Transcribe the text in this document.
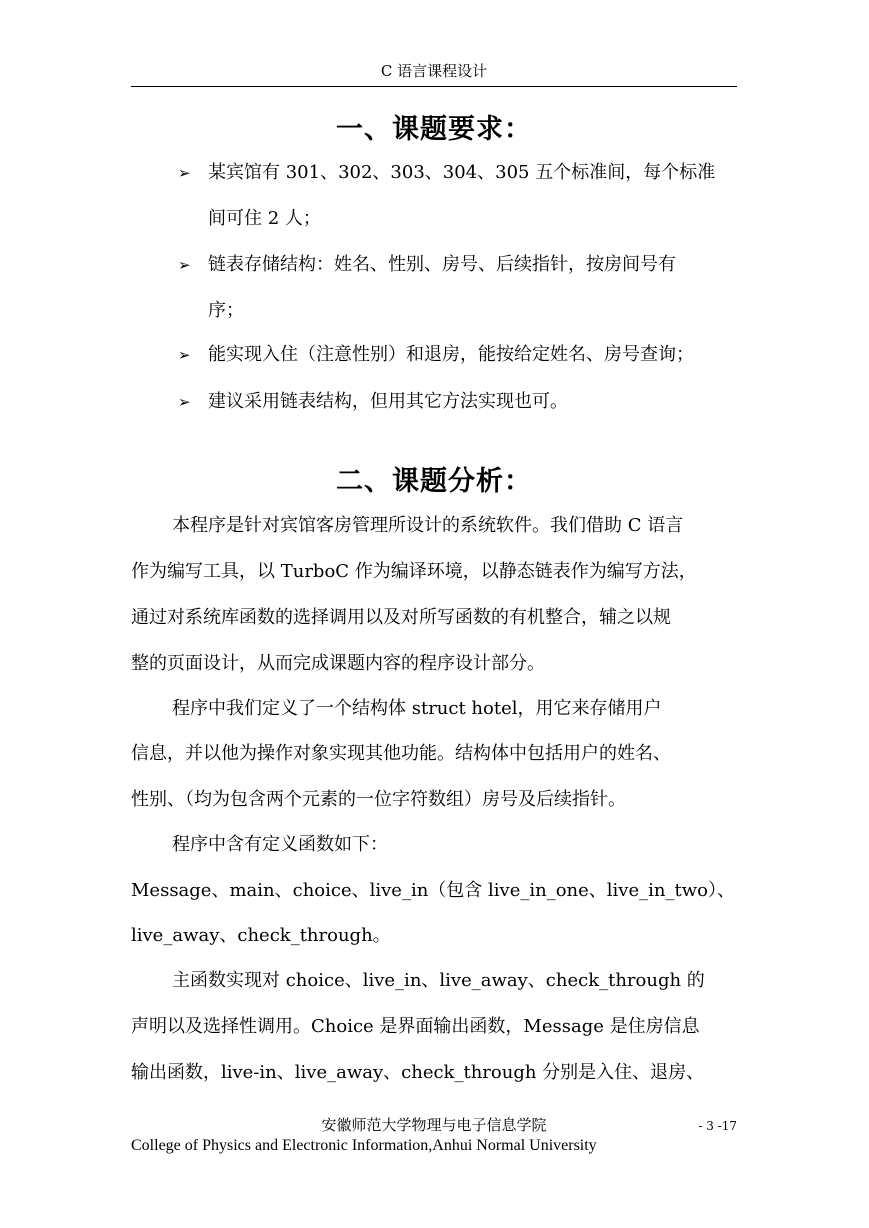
C 语言课程设计
一、课题要求：
➢ 某宾馆有 301、302、303、304、305 五个标准间，每个标准
间可住 2 人；
➢ 链表存储结构：姓名、性别、房号、后续指针，按房间号有
序；
➢ 能实现入住（注意性别）和退房，能按给定姓名、房号查询；
➢ 建议采用链表结构，但用其它方法实现也可。
二、课题分析：
本程序是针对宾馆客房管理所设计的系统软件。我们借助 C 语言
作为编写工具，以 TurboC 作为编译环境，以静态链表作为编写方法，
通过对系统库函数的选择调用以及对所写函数的有机整合，辅之以规
整的页面设计，从而完成课题内容的程序设计部分。
程序中我们定义了一个结构体 struct hotel，用它来存储用户
信息，并以他为操作对象实现其他功能。结构体中包括用户的姓名、
性别、（均为包含两个元素的一位字符数组）房号及后续指针。
程序中含有定义函数如下：
Message、main、choice、live_in（包含 live_in_one、live_in_two）、
live_away、check_through。
主函数实现对 choice、live_in、live_away、check_through 的
声明以及选择性调用。Choice 是界面输出函数，Message 是住房信息
输出函数，live-in、live_away、check_through 分别是入住、退房、
安徽师范大学物理与电子信息学院	- 3 -17
College of Physics and Electronic Information,Anhui Normal University
